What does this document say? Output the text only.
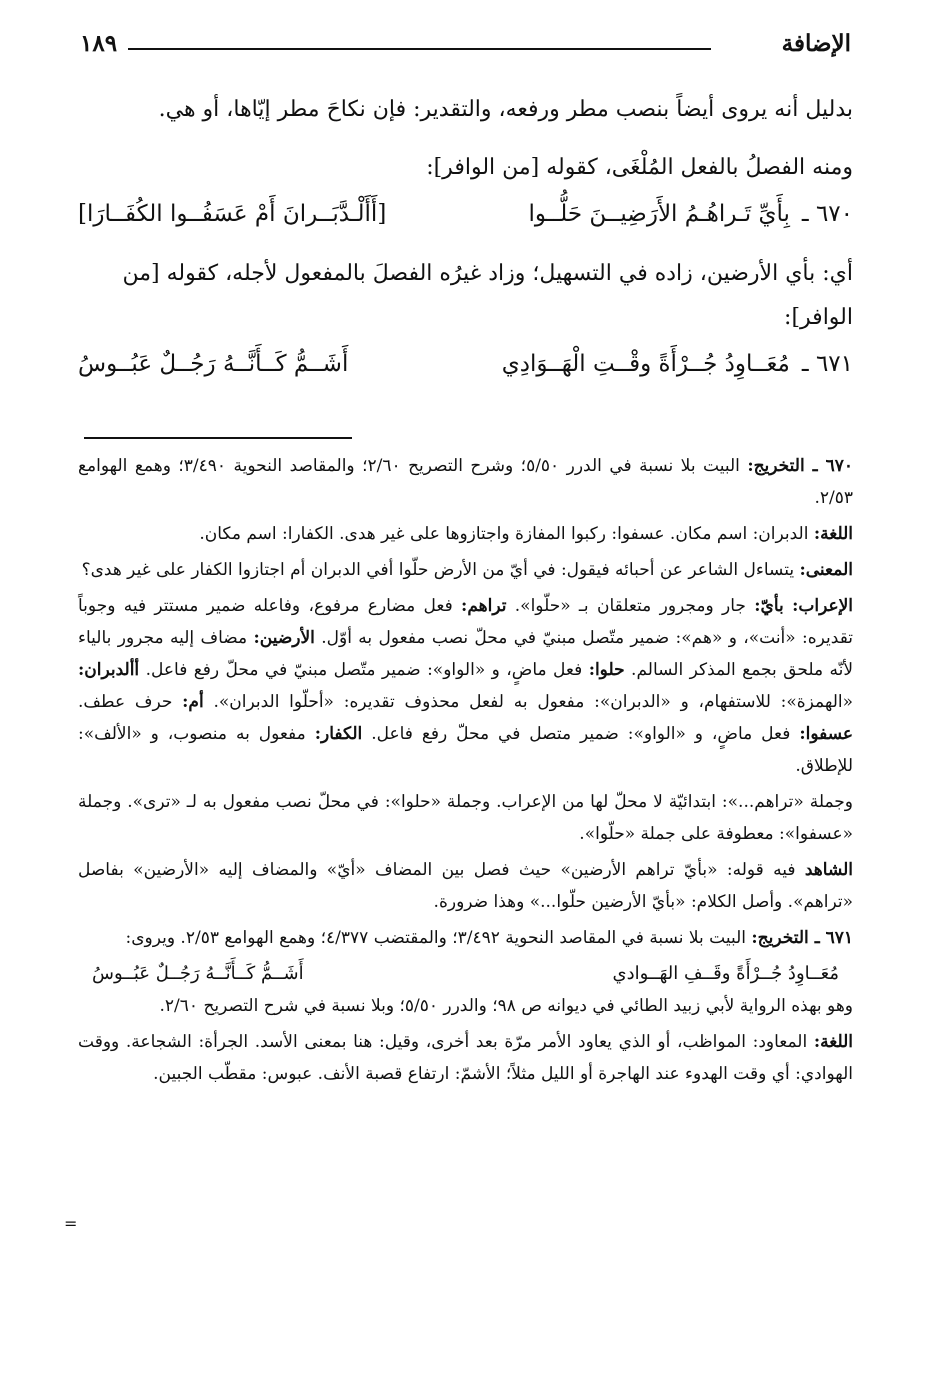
الإضافة
١٨٩

بدليل أنه يروى أيضاً بنصب مطر ورفعه، والتقدير: فإن نكاحَ مطر إيّاها، أو هي.

ومنه الفصلُ بالفعل المُلْغَى، كقوله [من الوافر]:

٦٧٠ ـ
بِأَيِّ تَـراهُـمُ الأَرَضِيــنَ حَلُّــوا
[أَأَلْـدَّبَــرانَ أَمْ عَسَفُــوا الكُفَــارَا]

أي: بأي الأرضين، زاده في التسهيل؛ وزاد غيرُه الفصلَ بالمفعول لأجله، كقوله [من الوافر]:

٦٧١ ـ
مُعَــاوِدُ جُــرْأَةً وقْــتِ الْهَــوَادِي
أَشَــمُّ كَــأَنَّــهُ رَجُــلٌ عَبُــوسُ

٦٧٠ ـ التخريج: البيت بلا نسبة في الدرر ٥/٥٠؛ وشرح التصريح ٢/٦٠؛ والمقاصد النحوية ٣/٤٩٠؛ وهمع الهوامع ٢/٥٣.

اللغة: الدبران: اسم مكان. عسفوا: ركبوا المفازة واجتازوها على غير هدى. الكفارا: اسم مكان.

المعنى: يتساءل الشاعر عن أحبائه فيقول: في أيّ من الأرض حلّوا أفي الدبران أم اجتازوا الكفار على غير هدى؟

الإعراب: بأيّ: جار ومجرور متعلقان بـ «حلّوا». تراهم: فعل مضارع مرفوع، وفاعله ضمير مستتر فيه وجوباً تقديره: «أنت»، و «هم»: ضمير متّصل مبنيّ في محلّ نصب مفعول به أوّل. الأرضين: مضاف إليه مجرور بالياء لأنّه ملحق بجمع المذكر السالم. حلوا: فعل ماضٍ، و «الواو»: ضمير متّصل مبنيّ في محلّ رفع فاعل. أألدبران: «الهمزة»: للاستفهام، و «الدبران»: مفعول به لفعل محذوف تقديره: «أحلّوا الدبران». أم: حرف عطف. عسفوا: فعل ماضٍ، و «الواو»: ضمير متصل في محلّ رفع فاعل. الكفار: مفعول به منصوب، و «الألف»: للإطلاق.

وجملة «تراهم...»: ابتدائيّة لا محلّ لها من الإعراب. وجملة «حلوا»: في محلّ نصب مفعول به لـ «ترى». وجملة «عسفوا»: معطوفة على جملة «حلّوا».

الشاهد فيه قوله: «بأيّ تراهم الأرضين» حيث فصل بين المضاف «أيّ» والمضاف إليه «الأرضين» بفاصل «تراهم». وأصل الكلام: «بأيّ الأرضين حلّوا...» وهذا ضرورة.

٦٧١ ـ التخريج: البيت بلا نسبة في المقاصد النحوية ٣/٤٩٢؛ والمقتضب ٤/٣٧٧؛ وهمع الهوامع ٢/٥٣. ويروى:

مُعَــاوِدُ جُــرْأَةً وقَــفِ الهَــوادي
أَشَــمُّ كَــأَنَّــهُ رَجُــلٌ عَبُــوسُ

وهو بهذه الرواية لأبي زبيد الطائي في ديوانه ص ٩٨؛ والدرر ٥/٥٠؛ وبلا نسبة في شرح التصريح ٢/٦٠.

اللغة: المعاود: المواظب، أو الذي يعاود الأمر مرّة بعد أخرى، وقيل: هنا بمعنى الأسد. الجرأة: الشجاعة. ووقت الهوادي: أي وقت الهدوء عند الهاجرة أو الليل مثلاً؛ الأشمّ: ارتفاع قصبة الأنف. عبوس: مقطّب الجبين.

=
